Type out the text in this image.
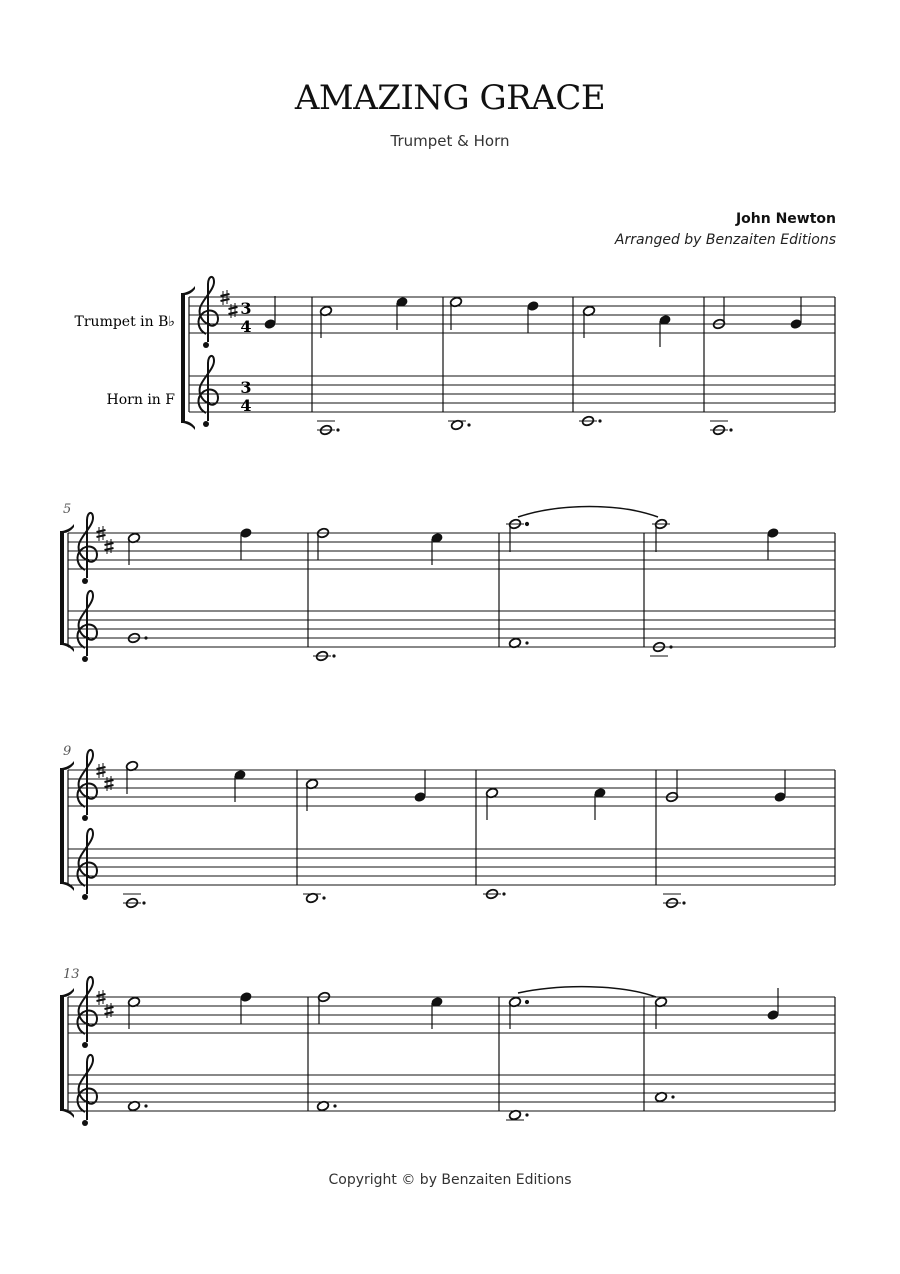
AMAZING GRACE
Trumpet & Horn
John Newton
Arranged by Benzaiten Editions
Trumpet in B♭
Horn in F
3
4
3
4
5
9
13
Copyright © by Benzaiten Editions
